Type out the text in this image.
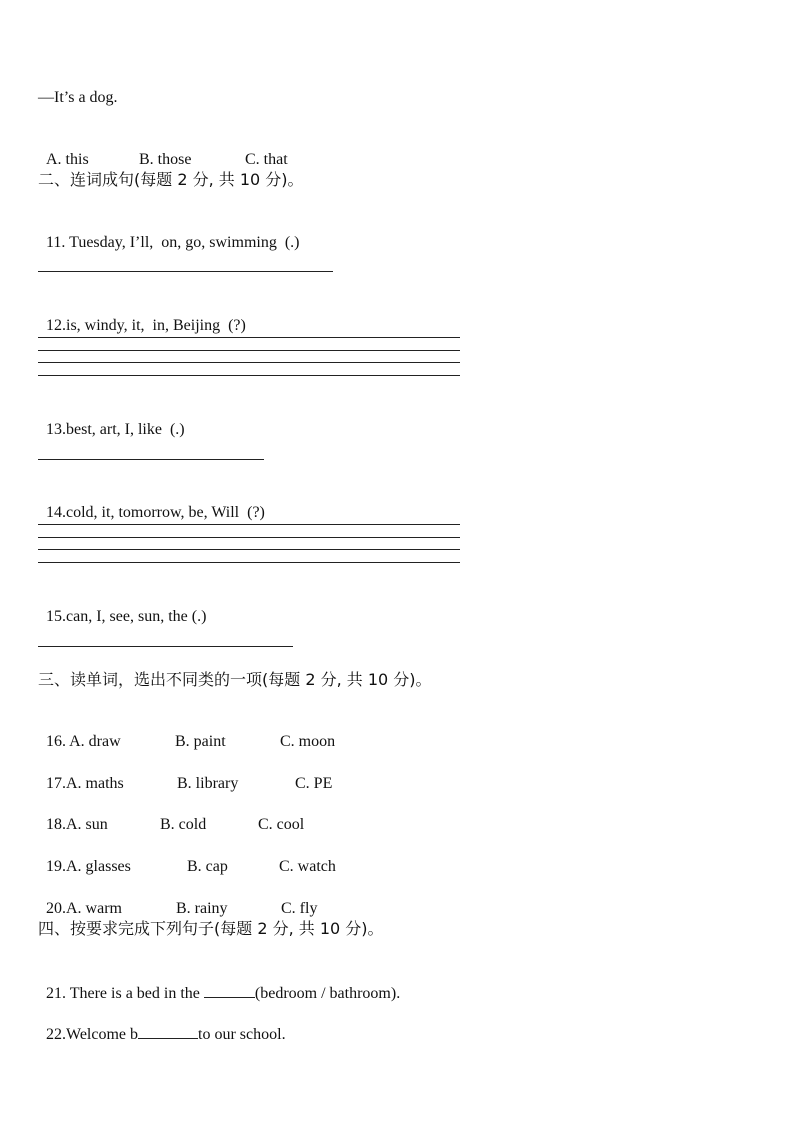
—It’s a dog.

A. this	B. those	C. that

二、连词成句(每题 2 分, 共 10 分)。

11. Tuesday, I’ll,  on, go, swimming  (.)

12.is, windy, it,  in, Beijing  (?)

13.best, art, I, like  (.)

14.cold, it, tomorrow, be, Will  (?)

15.can, I, see, sun, the (.)

三、读单词，选出不同类的一项(每题 2 分, 共 10 分)。

16. A. draw	B. paint	C. moon

17.A. maths	B. library	C. PE

18.A. sun	B. cold	C. cool

19.A. glasses	B. cap	C. watch

20.A. warm	B. rainy	C. fly

四、按要求完成下列句子(每题 2 分, 共 10 分)。

21. There is a bed in the	(bedroom / bathroom).

22.Welcome b	to our school.
